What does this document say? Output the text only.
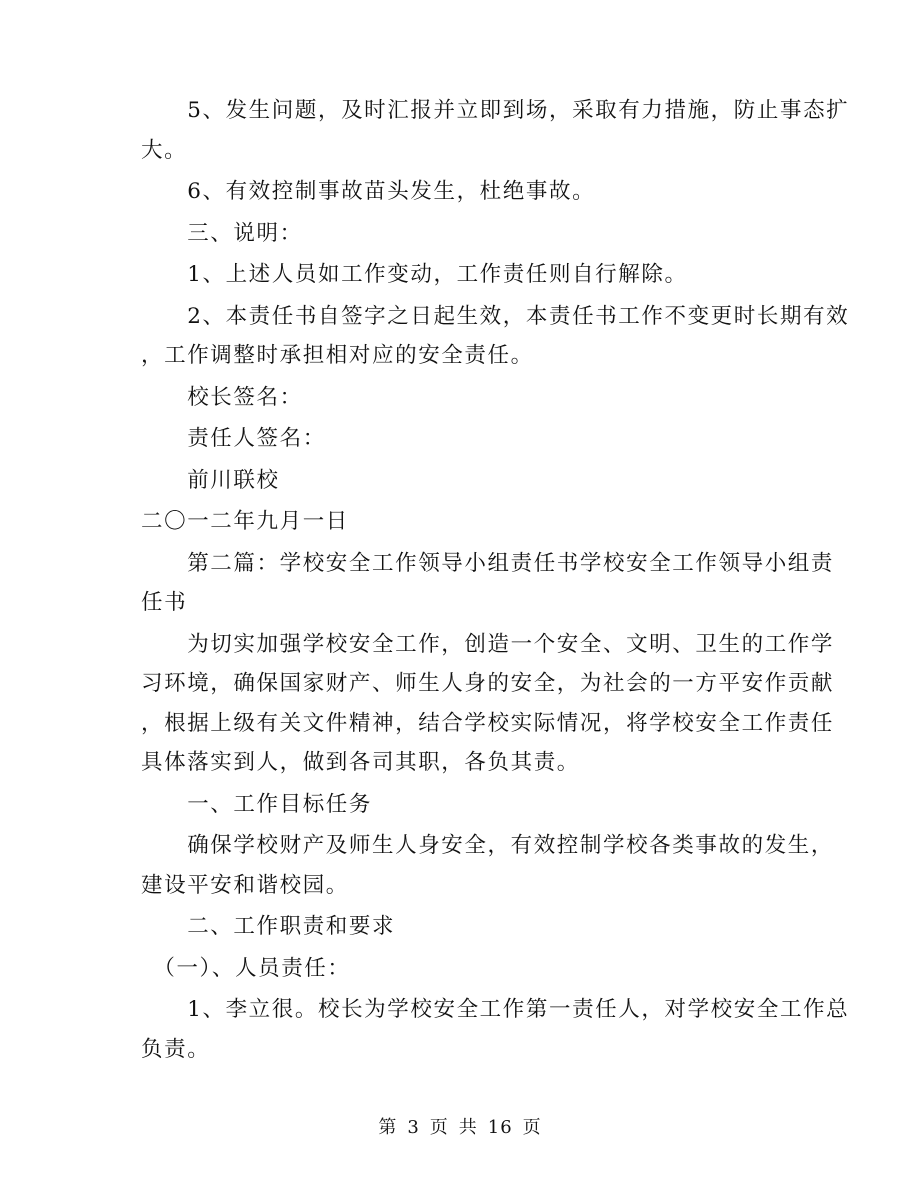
　　5、发生问题，及时汇报并立即到场，采取有力措施，防止事态扩
大。
　　6、有效控制事故苗头发生，杜绝事故。
　　三、说明：
　　1、上述人员如工作变动，工作责任则自行解除。
　　2、本责任书自签字之日起生效，本责任书工作不变更时长期有效
，工作调整时承担相对应的安全责任。
　　校长签名：
　　责任人签名：
　　前川联校
二〇一二年九月一日
　　第二篇：学校安全工作领导小组责任书学校安全工作领导小组责
任书
　　为切实加强学校安全工作，创造一个安全、文明、卫生的工作学
习环境，确保国家财产、师生人身的安全，为社会的一方平安作贡献
，根据上级有关文件精神，结合学校实际情况，将学校安全工作责任
具体落实到人，做到各司其职，各负其责。
　　一、工作目标任务
　　确保学校财产及师生人身安全，有效控制学校各类事故的发生，
建设平安和谐校园。
　　二、工作职责和要求
　（一）、人员责任：
　　1、李立很。校长为学校安全工作第一责任人，对学校安全工作总
负责。
第 3 页 共 16 页
